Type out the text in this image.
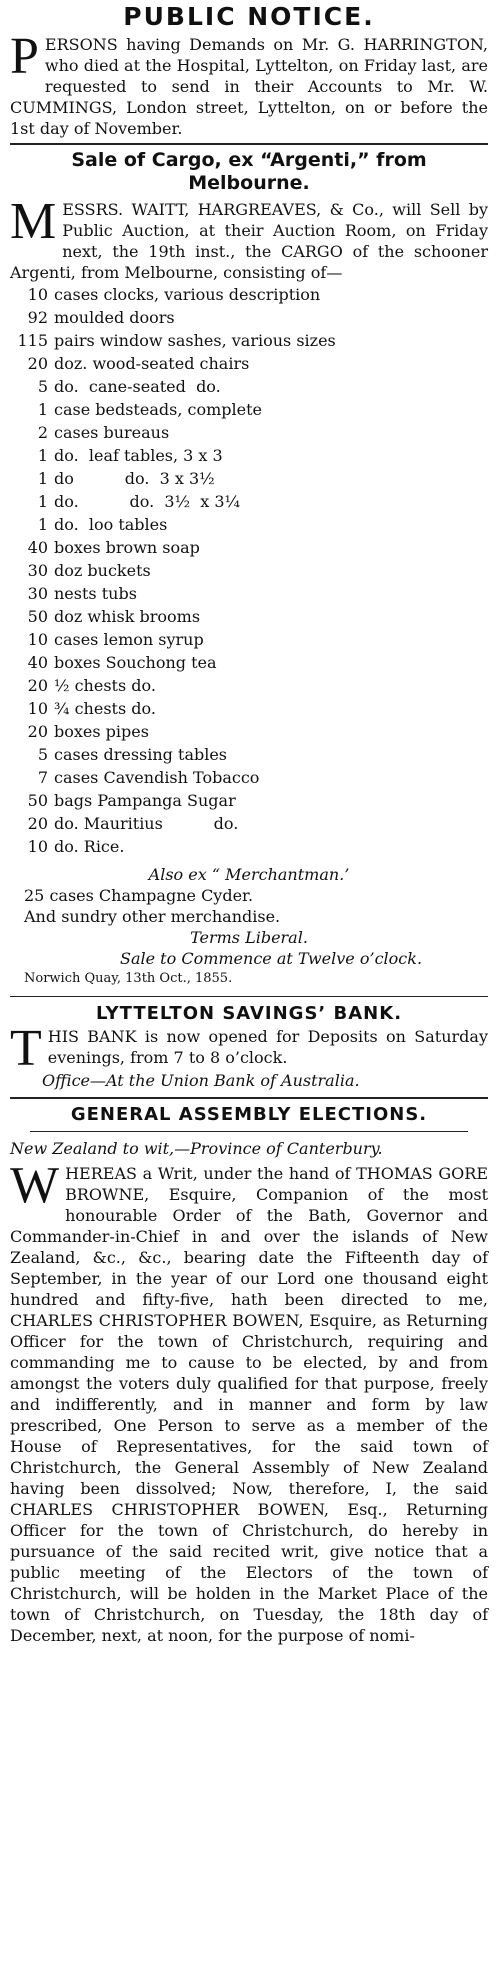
PUBLIC NOTICE.

PERSONS having Demands on Mr. G. HARRINGTON, who died at the Hospital, Lyttelton, on Friday last, are requested to send in their Accounts to Mr. W. CUMMINGS, London street, Lyttelton, on or before the 1st day of November.

Sale of Cargo, ex “Argenti,” from Melbourne.

MESSRS. WAITT, HARGREAVES, & Co., will Sell by Public Auction, at their Auction Room, on Friday next, the 19th inst., the CARGO of the schooner Argenti, from Melbourne, consisting of—

10 cases clocks, various description
92 moulded doors
115 pairs window sashes, various sizes
20 doz. wood-seated chairs
5 do.  cane-seated  do.
1 case bedsteads, complete
2 cases bureaus
1 do.  leaf tables, 3 x 3
1 do          do.  3 x 3½
1 do.          do.  3½  x 3¼
1 do.  loo tables
40 boxes brown soap
30 doz buckets
30 nests tubs
50 doz whisk brooms
10 cases lemon syrup
40 boxes Souchong tea
20 ½ chests do.
10 ¾ chests do.
20 boxes pipes
5 cases dressing tables
7 cases Cavendish Tobacco
50 bags Pampanga Sugar
20 do. Mauritius          do.
10 do. Rice.

Also ex “ Merchantman.’

25 cases Champagne Cyder.

And sundry other merchandise.

Terms Liberal.

Sale to Commence at Twelve o’clock.

Norwich Quay, 13th Oct., 1855.

LYTTELTON SAVINGS’ BANK.

THIS BANK is now opened for Deposits on Saturday evenings, from 7 to 8 o’clock.

Office—At the Union Bank of Australia.

GENERAL ASSEMBLY ELECTIONS.

New Zealand to wit,—Province of Canterbury.

WHEREAS a Writ, under the hand of THOMAS GORE BROWNE, Esquire, Companion of the most honourable Order of the Bath, Governor and Commander-in-Chief in and over the islands of New Zealand, &c., &c., bearing date the Fifteenth day of September, in the year of our Lord one thousand eight hundred and fifty-five, hath been directed to me, CHARLES CHRISTOPHER BOWEN, Esquire, as Returning Officer for the town of Christchurch, requiring and commanding me to cause to be elected, by and from amongst the voters duly qualified for that purpose, freely and indifferently, and in manner and form by law prescribed, One Person to serve as a member of the House of Representatives, for the said town of Christchurch, the General Assembly of New Zealand having been dissolved; Now, therefore, I, the said CHARLES CHRISTOPHER BOWEN, Esq., Returning Officer for the town of Christchurch, do hereby in pursuance of the said recited writ, give notice that a public meeting of the Electors of the town of Christchurch, will be holden in the Market Place of the town of Christchurch, on Tuesday, the 18th day of December, next, at noon, for the purpose of nomi-
